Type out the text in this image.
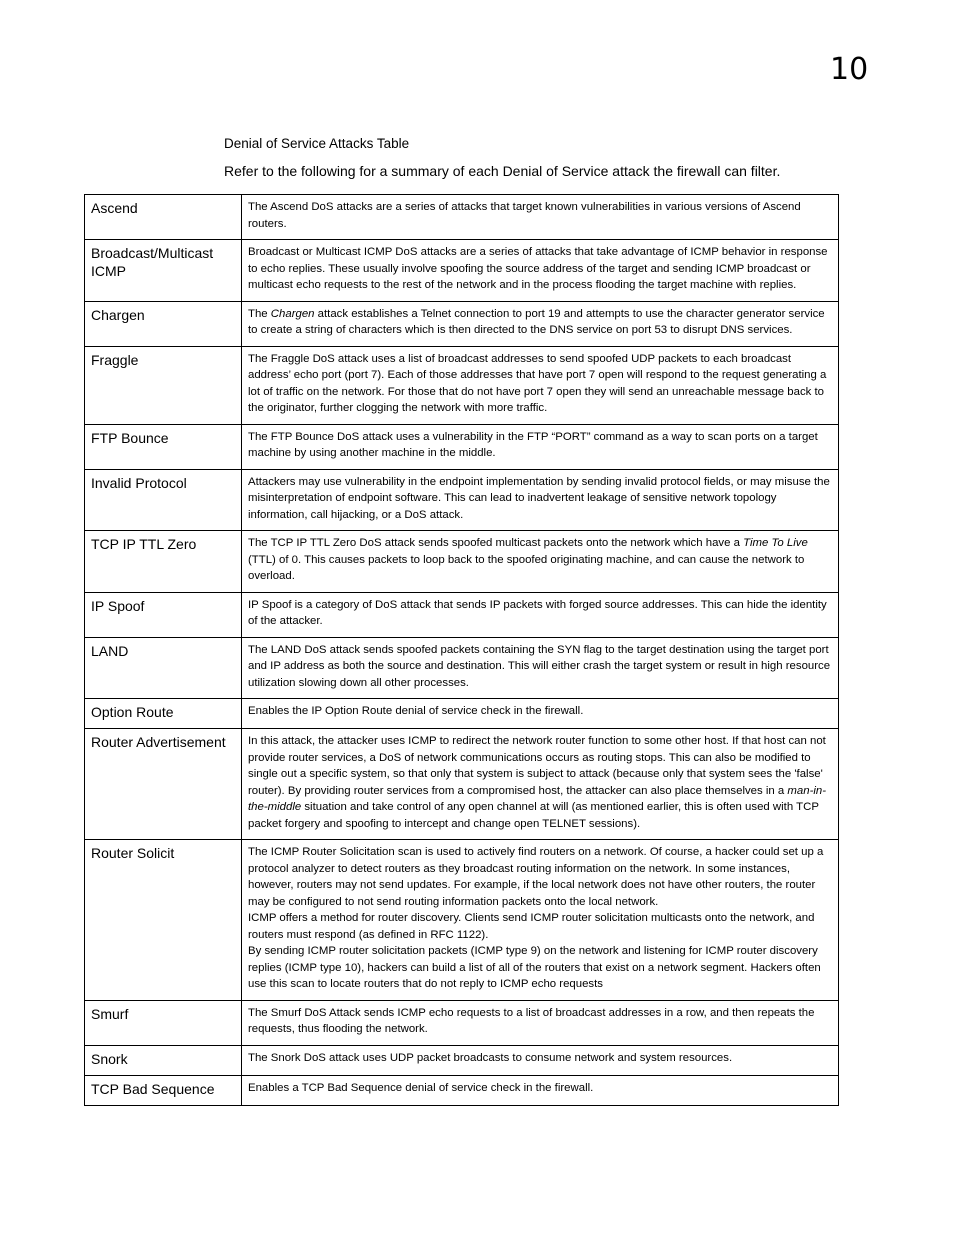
10
Denial of Service Attacks Table
Refer to the following for a summary of each Denial of Service attack the firewall can filter.
Ascend	The Ascend DoS attacks are a series of attacks that target known vulnerabilities in various versions of Ascend routers.

Broadcast/Multicast ICMP	Broadcast or Multicast ICMP DoS attacks are a series of attacks that take advantage of ICMP behavior in response to echo replies. These usually involve spoofing the source address of the target and sending ICMP broadcast or multicast echo requests to the rest of the network and in the process flooding the target machine with replies.

Chargen	The Chargen attack establishes a Telnet connection to port 19 and attempts to use the character generator service to create a string of characters which is then directed to the DNS service on port 53 to disrupt DNS services.

Fraggle	The Fraggle DoS attack uses a list of broadcast addresses to send spoofed UDP packets to each broadcast address’ echo port (port 7). Each of those addresses that have port 7 open will respond to the request generating a lot of traffic on the network. For those that do not have port 7 open they will send an unreachable message back to the originator, further clogging the network with more traffic.

FTP Bounce	The FTP Bounce DoS attack uses a vulnerability in the FTP “PORT” command as a way to scan ports on a target machine by using another machine in the middle.

Invalid Protocol	Attackers may use vulnerability in the endpoint implementation by sending invalid protocol fields, or may misuse the misinterpretation of endpoint software. This can lead to inadvertent leakage of sensitive network topology information, call hijacking, or a DoS attack.

TCP IP TTL Zero	The TCP IP TTL Zero DoS attack sends spoofed multicast packets onto the network which have a Time To Live (TTL) of 0. This causes packets to loop back to the spoofed originating machine, and can cause the network to overload.

IP Spoof	IP Spoof is a category of DoS attack that sends IP packets with forged source addresses. This can hide the identity of the attacker.

LAND	The LAND DoS attack sends spoofed packets containing the SYN flag to the target destination using the target port and IP address as both the source and destination. This will either crash the target system or result in high resource utilization slowing down all other processes.

Option Route	Enables the IP Option Route denial of service check in the firewall.

Router Advertisement	In this attack, the attacker uses ICMP to redirect the network router function to some other host. If that host can not provide router services, a DoS of network communications occurs as routing stops. This can also be modified to single out a specific system, so that only that system is subject to attack (because only that system sees the 'false' router). By providing router services from a compromised host, the attacker can also place themselves in a man-in-the-middle situation and take control of any open channel at will (as mentioned earlier, this is often used with TCP packet forgery and spoofing to intercept and change open TELNET sessions).

Router Solicit	The ICMP Router Solicitation scan is used to actively find routers on a network. Of course, a hacker could set up a protocol analyzer to detect routers as they broadcast routing information on the network. In some instances, however, routers may not send updates. For example, if the local network does not have other routers, the router may be configured to not send routing information packets onto the local network.

ICMP offers a method for router discovery. Clients send ICMP router solicitation multicasts onto the network, and routers must respond (as defined in RFC 1122).

By sending ICMP router solicitation packets (ICMP type 9) on the network and listening for ICMP router discovery replies (ICMP type 10), hackers can build a list of all of the routers that exist on a network segment. Hackers often use this scan to locate routers that do not reply to ICMP echo requests

Smurf	The Smurf DoS Attack sends ICMP echo requests to a list of broadcast addresses in a row, and then repeats the requests, thus flooding the network.

Snork	The Snork DoS attack uses UDP packet broadcasts to consume network and system resources.

TCP Bad Sequence	Enables a TCP Bad Sequence denial of service check in the firewall.
